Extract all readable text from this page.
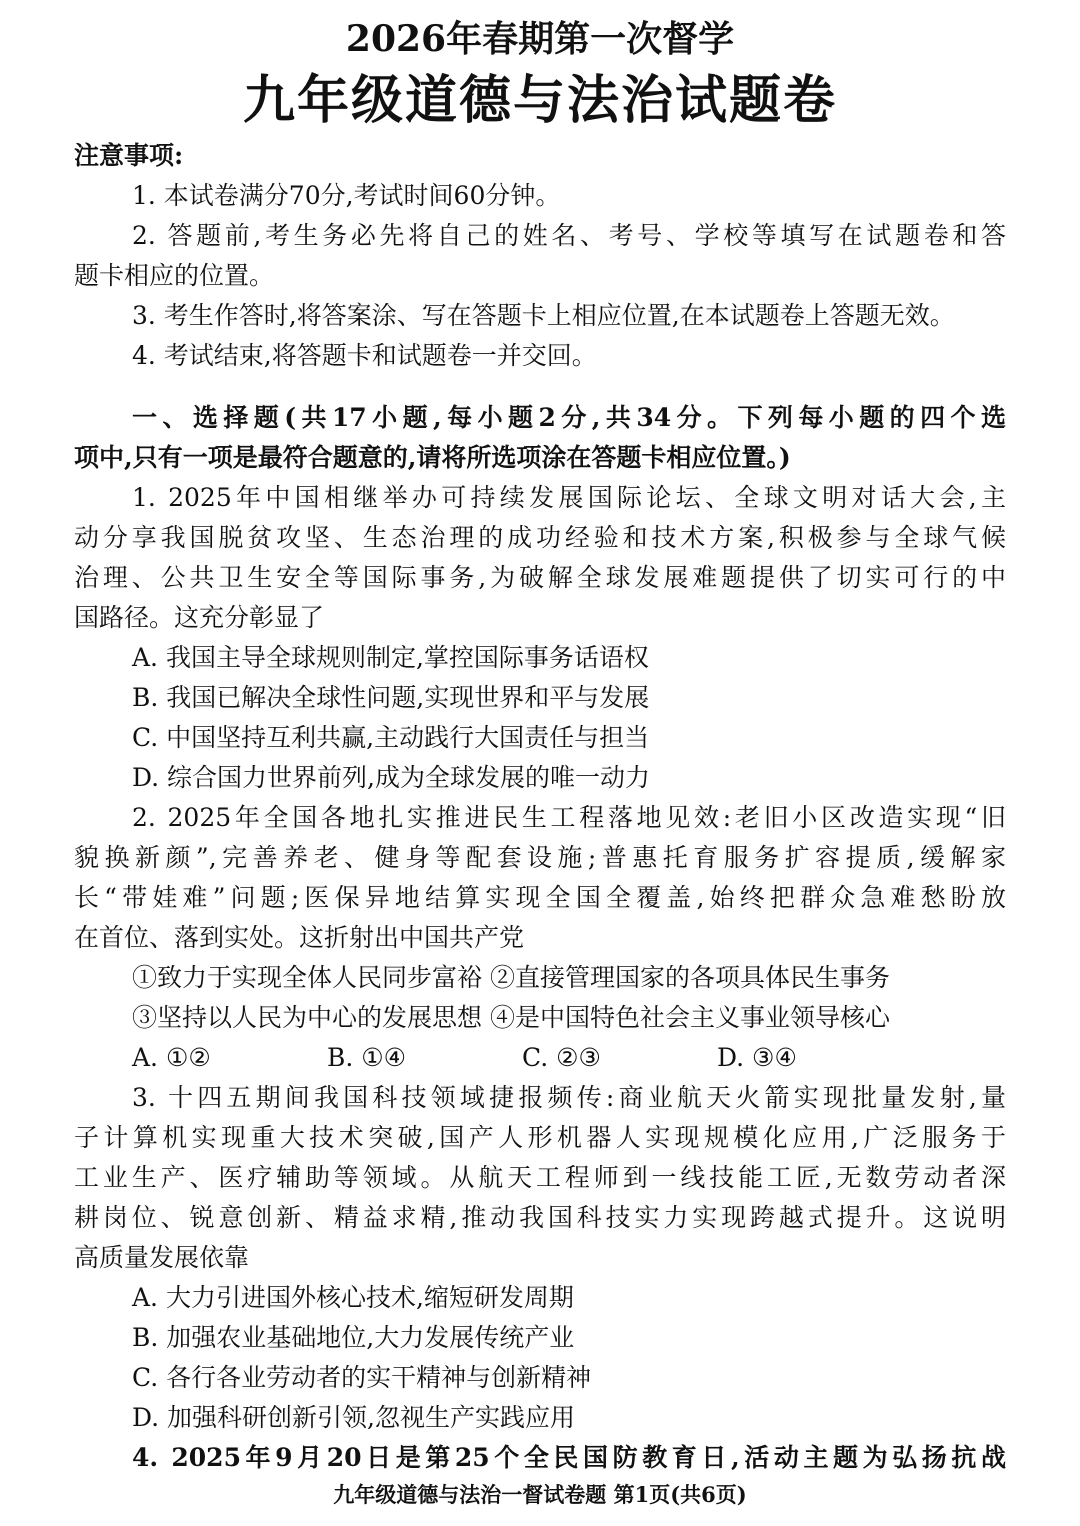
2026年春期第一次督学
九年级道德与法治试题卷
注意事项:
1. 本试卷满分70分,考试时间60分钟。
2. 答题前,考生务必先将自己的姓名、考号、学校等填写在试题卷和答
题卡相应的位置。
3. 考生作答时,将答案涂、写在答题卡上相应位置,在本试题卷上答题无效。
4. 考试结束,将答题卡和试题卷一并交回。
一、选择题(共17小题,每小题2分,共34分。下列每小题的四个选
项中,只有一项是最符合题意的,请将所选项涂在答题卡相应位置。)
1. 2025年中国相继举办可持续发展国际论坛、全球文明对话大会,主
动分享我国脱贫攻坚、生态治理的成功经验和技术方案,积极参与全球气候
治理、公共卫生安全等国际事务,为破解全球发展难题提供了切实可行的中
国路径。这充分彰显了
A. 我国主导全球规则制定,掌控国际事务话语权
B. 我国已解决全球性问题,实现世界和平与发展
C. 中国坚持互利共赢,主动践行大国责任与担当
D. 综合国力世界前列,成为全球发展的唯一动力
2. 2025年全国各地扎实推进民生工程落地见效:老旧小区改造实现“旧
貌换新颜”,完善养老、健身等配套设施;普惠托育服务扩容提质,缓解家
长“带娃难”问题;医保异地结算实现全国全覆盖,始终把群众急难愁盼放
在首位、落到实处。这折射出中国共产党
①致力于实现全体人民同步富裕 ②直接管理国家的各项具体民生事务
③坚持以人民为中心的发展思想 ④是中国特色社会主义事业领导核心
A. ①②	B. ①④	C. ②③	D. ③④
3. 十四五期间我国科技领域捷报频传:商业航天火箭实现批量发射,量
子计算机实现重大技术突破,国产人形机器人实现规模化应用,广泛服务于
工业生产、医疗辅助等领域。从航天工程师到一线技能工匠,无数劳动者深
耕岗位、锐意创新、精益求精,推动我国科技实力实现跨越式提升。这说明
高质量发展依靠
A. 大力引进国外核心技术,缩短研发周期
B. 加强农业基础地位,大力发展传统产业
C. 各行各业劳动者的实干精神与创新精神
D. 加强科研创新引领,忽视生产实践应用
4. 2025年9月20日是第25个全民国防教育日,活动主题为弘扬抗战
九年级道德与法治一督试卷题 第1页(共6页)
